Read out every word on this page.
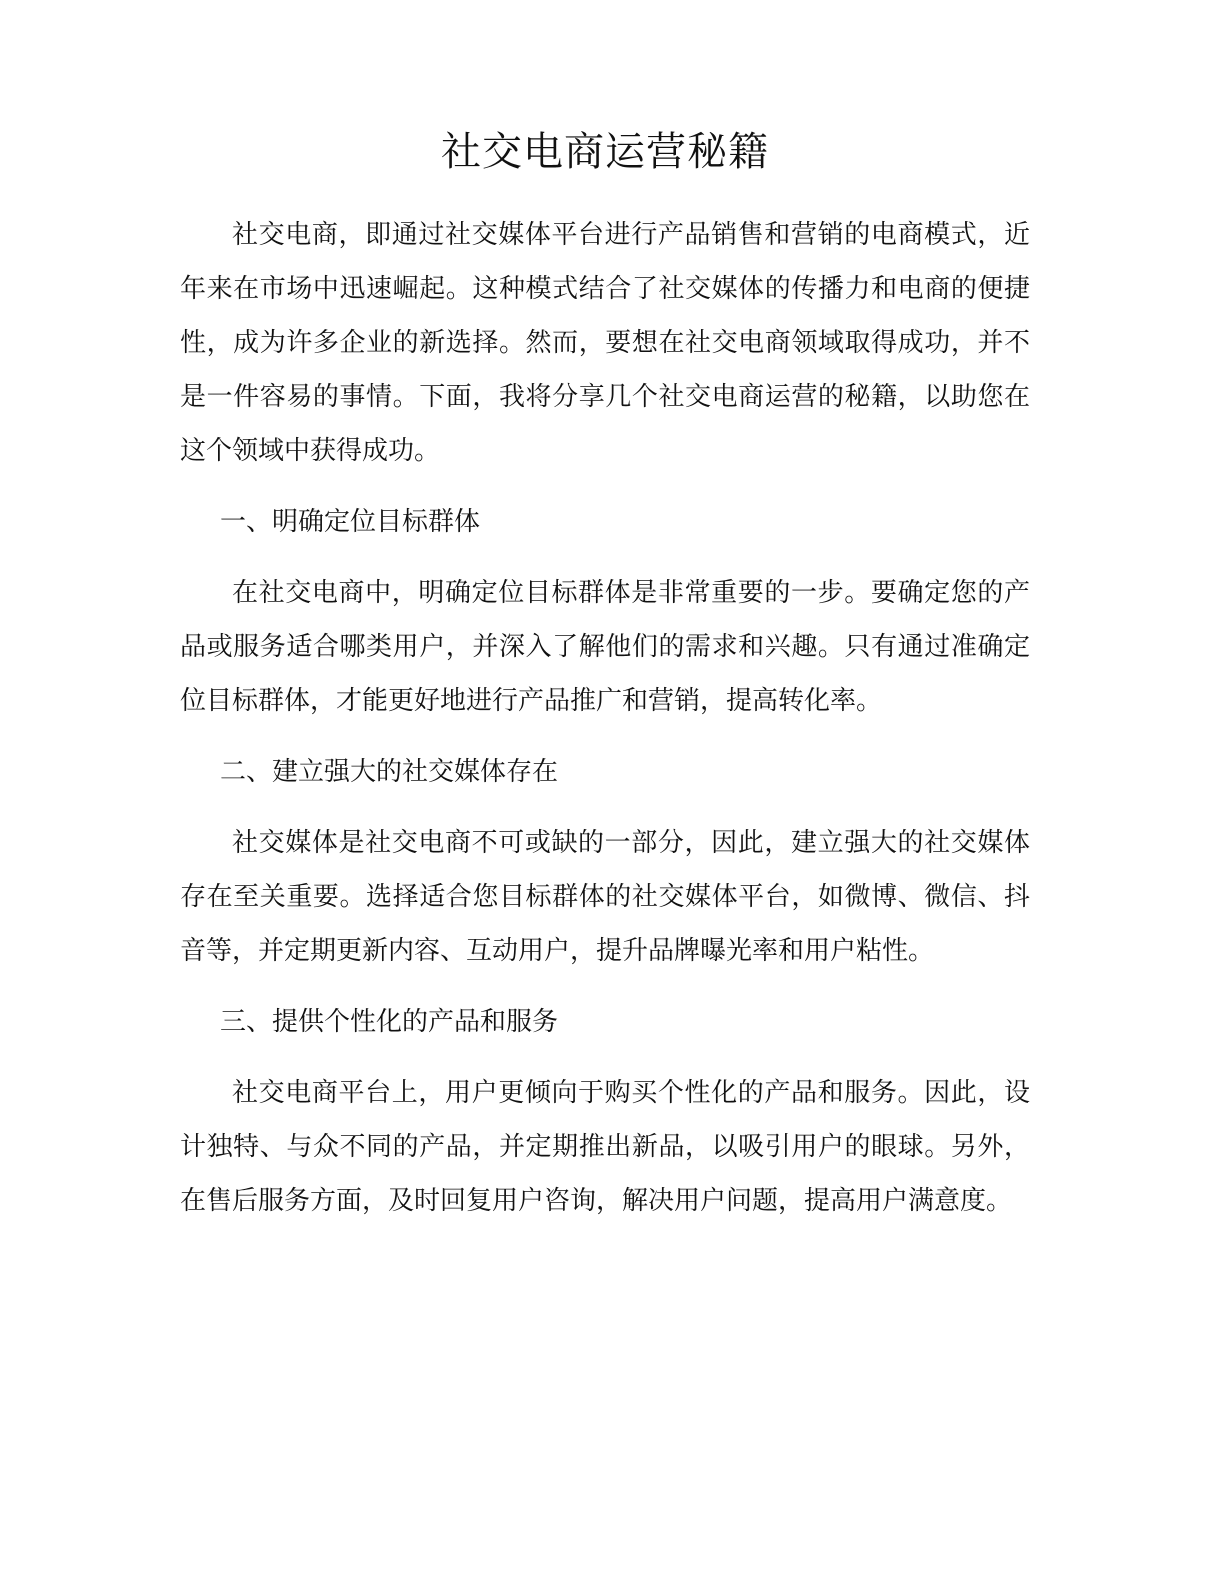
社交电商运营秘籍

社交电商，即通过社交媒体平台进行产品销售和营销的电商模式，近年来在市场中迅速崛起。这种模式结合了社交媒体的传播力和电商的便捷性，成为许多企业的新选择。然而，要想在社交电商领域取得成功，并不是一件容易的事情。下面，我将分享几个社交电商运营的秘籍，以助您在这个领域中获得成功。

一、明确定位目标群体

在社交电商中，明确定位目标群体是非常重要的一步。要确定您的产品或服务适合哪类用户，并深入了解他们的需求和兴趣。只有通过准确定位目标群体，才能更好地进行产品推广和营销，提高转化率。

二、建立强大的社交媒体存在

社交媒体是社交电商不可或缺的一部分，因此，建立强大的社交媒体存在至关重要。选择适合您目标群体的社交媒体平台，如微博、微信、抖音等，并定期更新内容、互动用户，提升品牌曝光率和用户粘性。

三、提供个性化的产品和服务

社交电商平台上，用户更倾向于购买个性化的产品和服务。因此，设计独特、与众不同的产品，并定期推出新品，以吸引用户的眼球。另外，在售后服务方面，及时回复用户咨询，解决用户问题，提高用户满意度。
